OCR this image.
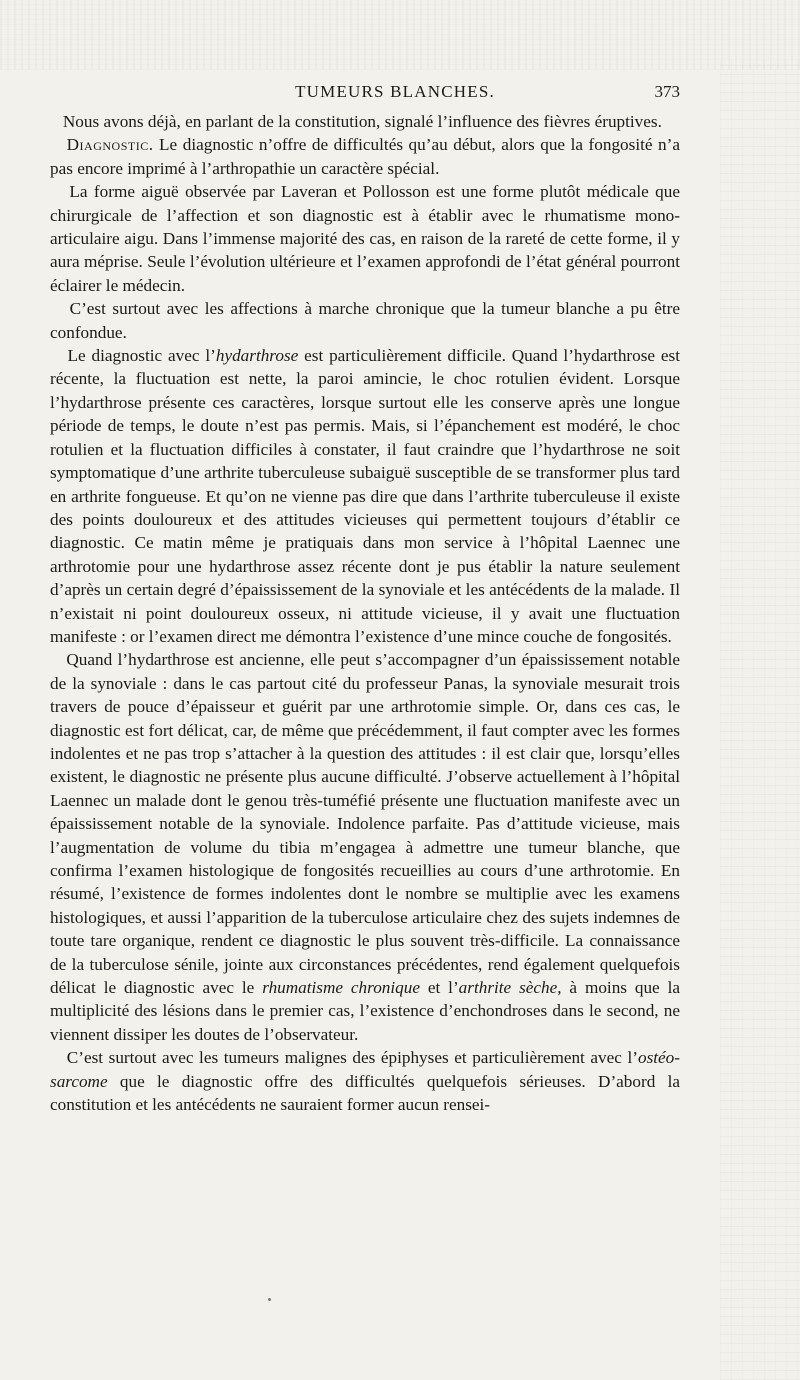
TUMEURS BLANCHES.	373

Nous avons déjà, en parlant de la constitution, signalé l’influence des fièvres éruptives.

Diagnostic. Le diagnostic n’offre de difficultés qu’au début, alors que la fongosité n’a pas encore imprimé à l’arthropathie un caractère spécial.

La forme aiguë observée par Laveran et Pollosson est une forme plutôt médicale que chirurgicale de l’affection et son diagnostic est à établir avec le rhumatisme mono-articulaire aigu. Dans l’immense majorité des cas, en raison de la rareté de cette forme, il y aura méprise. Seule l’évolution ultérieure et l’examen approfondi de l’état général pourront éclairer le médecin.

C’est surtout avec les affections à marche chronique que la tumeur blanche a pu être confondue.

Le diagnostic avec l’hydarthrose est particulièrement difficile. Quand l’hydarthrose est récente, la fluctuation est nette, la paroi amincie, le choc rotulien évident. Lorsque l’hydarthrose présente ces caractères, lorsque surtout elle les conserve après une longue période de temps, le doute n’est pas permis. Mais, si l’épanchement est modéré, le choc rotulien et la fluctuation difficiles à constater, il faut craindre que l’hydarthrose ne soit symptomatique d’une arthrite tuberculeuse subaiguë susceptible de se transformer plus tard en arthrite fongueuse. Et qu’on ne vienne pas dire que dans l’arthrite tuberculeuse il existe des points douloureux et des attitudes vicieuses qui permettent toujours d’établir ce diagnostic. Ce matin même je pratiquais dans mon service à l’hôpital Laennec une arthrotomie pour une hydarthrose assez récente dont je pus établir la nature seulement d’après un certain degré d’épaississement de la synoviale et les antécédents de la malade. Il n’existait ni point douloureux osseux, ni attitude vicieuse, il y avait une fluctuation manifeste : or l’examen direct me démontra l’existence d’une mince couche de fongosités.

Quand l’hydarthrose est ancienne, elle peut s’accompagner d’un épaississement notable de la synoviale : dans le cas partout cité du professeur Panas, la synoviale mesurait trois travers de pouce d’épaisseur et guérit par une arthrotomie simple. Or, dans ces cas, le diagnostic est fort délicat, car, de même que précédemment, il faut compter avec les formes indolentes et ne pas trop s’attacher à la question des attitudes : il est clair que, lorsqu’elles existent, le diagnostic ne présente plus aucune difficulté. J’observe actuellement à l’hôpital Laennec un malade dont le genou très-tuméfié présente une fluctuation manifeste avec un épaississement notable de la synoviale. Indolence parfaite. Pas d’attitude vicieuse, mais l’augmentation de volume du tibia m’engagea à admettre une tumeur blanche, que confirma l’examen histologique de fongosités recueillies au cours d’une arthrotomie. En résumé, l’existence de formes indolentes dont le nombre se multiplie avec les examens histologiques, et aussi l’apparition de la tuberculose articulaire chez des sujets indemnes de toute tare organique, rendent ce diagnostic le plus souvent très-difficile. La connaissance de la tuberculose sénile, jointe aux circonstances précédentes, rend également quelquefois délicat le diagnostic avec le rhumatisme chronique et l’arthrite sèche, à moins que la multiplicité des lésions dans le premier cas, l’existence d’enchondroses dans le second, ne viennent dissiper les doutes de l’observateur.

C’est surtout avec les tumeurs malignes des épiphyses et particulièrement avec l’ostéo-sarcome que le diagnostic offre des difficultés quelquefois sérieuses. D’abord la constitution et les antécédents ne sauraient former aucun rensei-
